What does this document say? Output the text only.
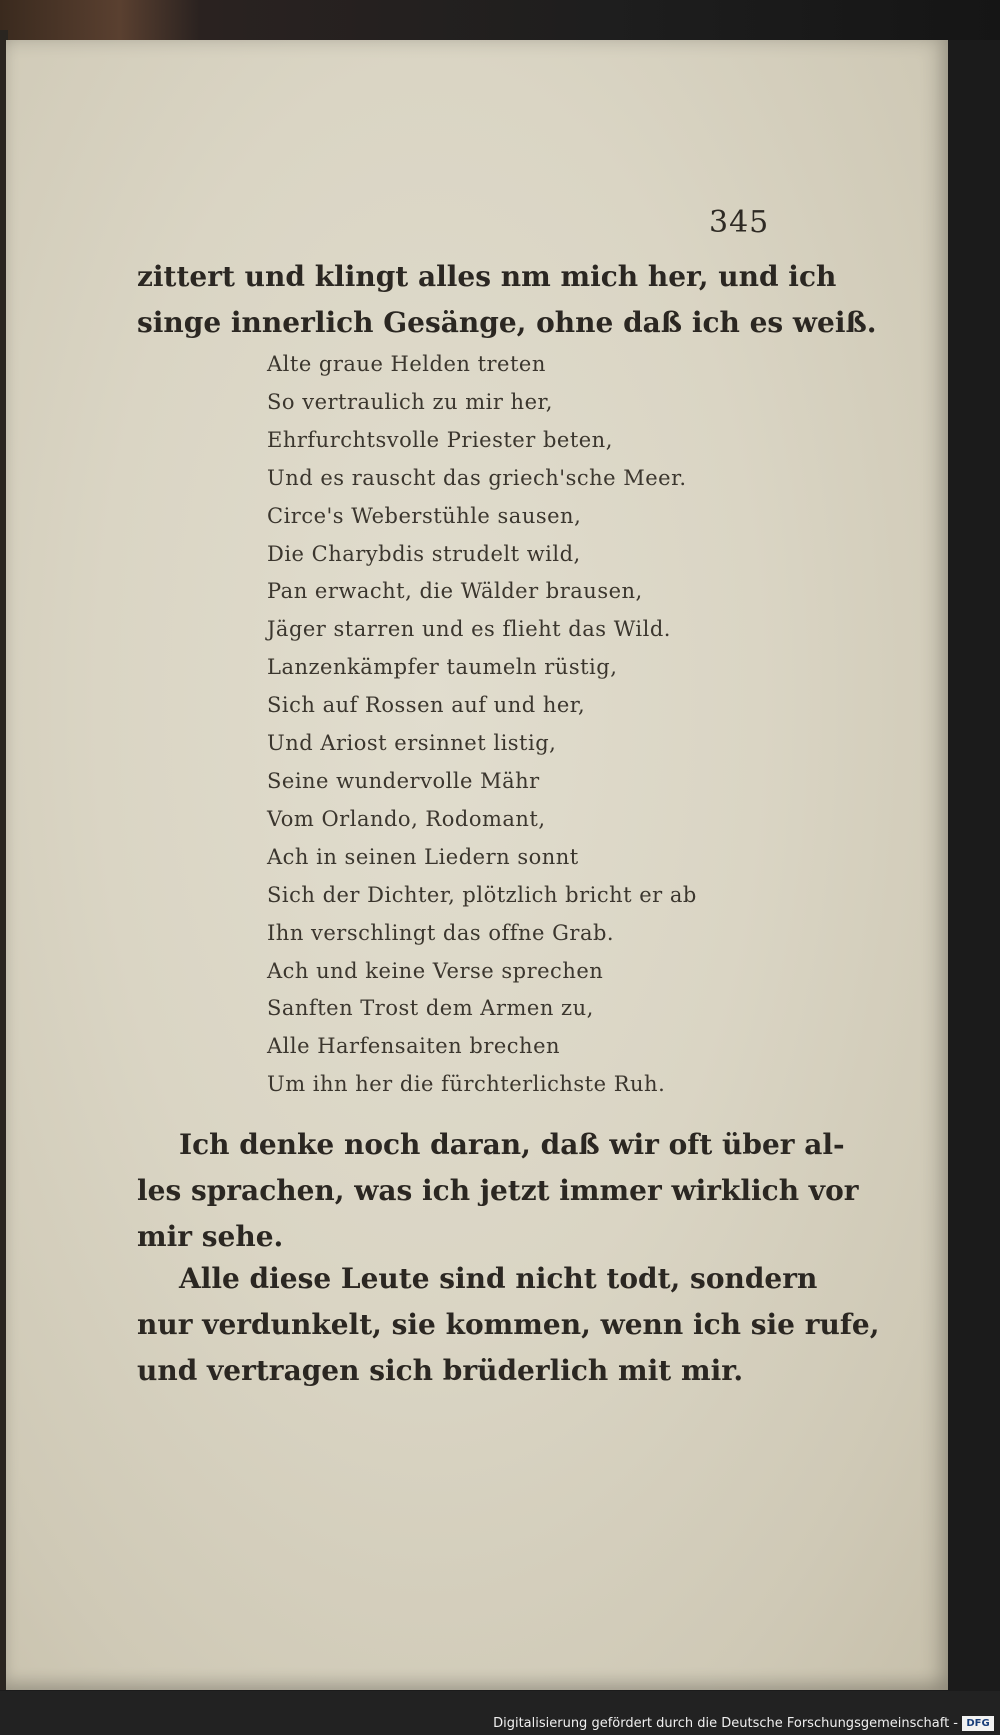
345
zittert und klingt alles nm mich her, und ich
singe innerlich Gesänge, ohne daß ich es weiß.
Alte graue Helden treten
So vertraulich zu mir her,
Ehrfurchtsvolle Priester beten,
Und es rauscht das griech'sche Meer.
Circe's Weberstühle sausen,
Die Charybdis strudelt wild,
Pan erwacht, die Wälder brausen,
Jäger starren und es flieht das Wild.
Lanzenkämpfer taumeln rüstig,
Sich auf Rossen auf und her,
Und Ariost ersinnet listig,
Seine wundervolle Mähr
Vom Orlando, Rodomant,
Ach in seinen Liedern sonnt
Sich der Dichter, plötzlich bricht er ab
Ihn verschlingt das offne Grab.
Ach und keine Verse sprechen
Sanften Trost dem Armen zu,
Alle Harfensaiten brechen
Um ihn her die fürchterlichste Ruh.
Ich denke noch daran, daß wir oft über al-
les sprachen, was ich jetzt immer wirklich vor
mir sehe.
Alle diese Leute sind nicht todt, sondern
nur verdunkelt, sie kommen, wenn ich sie rufe,
und vertragen sich brüderlich mit mir.
Digitalisierung gefördert durch die Deutsche Forschungsgemeinschaft - DFG
